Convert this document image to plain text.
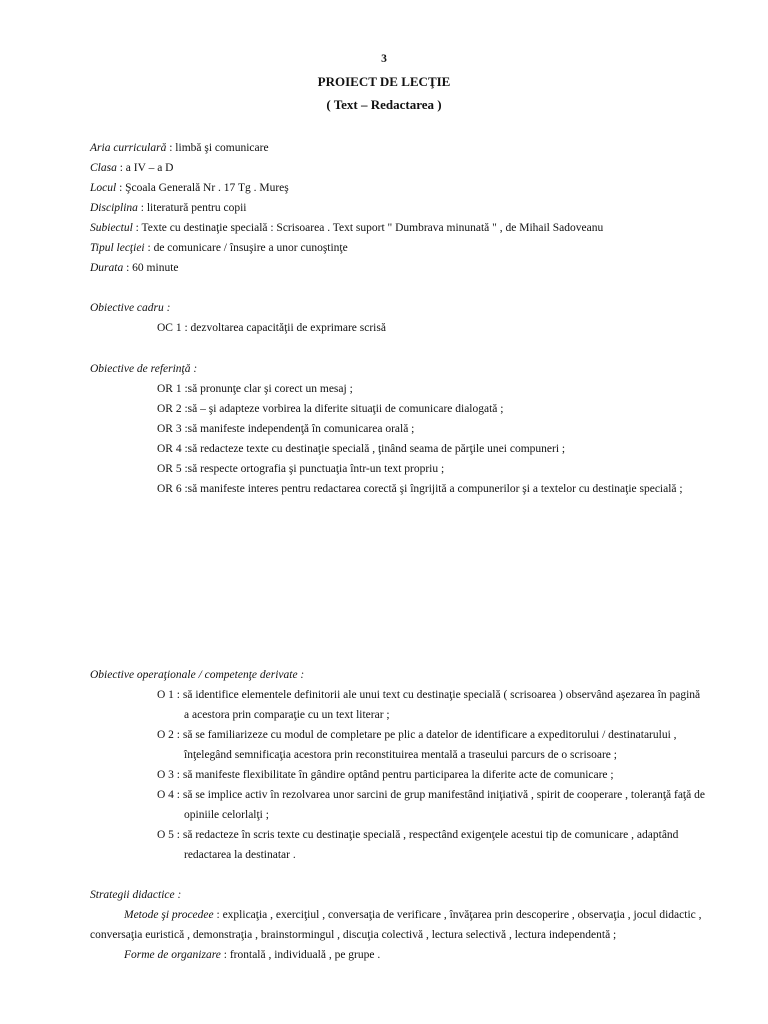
3
PROIECT DE LECŢIE
( Text – Redactarea )
Aria curriculară : limbă şi comunicare
Clasa : a IV – a D
Locul : Şcoala Generală Nr . 17 Tg . Mureş
Disciplina : literatură pentru copii
Subiectul : Texte cu destinaţie specială : Scrisoarea . Text suport " Dumbrava minunată " , de Mihail Sadoveanu
Tipul lecţiei : de comunicare / însuşire a unor cunoştinţe
Durata : 60 minute
Obiective cadru :
OC 1 : dezvoltarea capacităţii de exprimare scrisă
Obiective de referinţă :
OR 1 :să pronunţe clar şi corect un mesaj ;
OR 2 :să – şi adapteze vorbirea la diferite situaţii de comunicare dialogată ;
OR 3 :să manifeste independenţă în comunicarea orală ;
OR 4 :să redacteze texte cu destinaţie specială , ţinând seama de părţile unei compuneri ;
OR 5 :să respecte ortografia şi punctuaţia într-un text propriu ;
OR 6 :să manifeste interes pentru redactarea corectă şi îngrijită a compunerilor şi a textelor cu destinaţie specială ;
Obiective operaţionale / competenţe derivate :
O 1 : să identifice elementele definitorii ale unui text cu destinaţie specială ( scrisoarea ) observând aşezarea în pagină
a acestora prin comparaţie cu un text literar ;
O 2 : să se familiarizeze cu modul de completare pe plic a datelor de identificare a expeditorului / destinatarului ,
înţelegând semnificaţia acestora prin reconstituirea mentală a traseului parcurs de o scrisoare ;
O 3 : să manifeste flexibilitate în gândire optând pentru participarea la diferite acte de comunicare ;
O 4 : să se implice activ în rezolvarea unor sarcini de grup manifestând iniţiativă , spirit de cooperare , toleranţă faţă de
opiniile celorlalţi ;
O 5 : să redacteze în scris texte cu destinaţie specială , respectând exigenţele acestui tip de comunicare , adaptând
redactarea la destinatar .
Strategii didactice :
Metode şi procedee : explicaţia , exerciţiul , conversaţia de verificare , învăţarea prin descoperire , observaţia , jocul didactic ,
conversaţia euristică , demonstraţia , brainstormingul , discuţia colectivă , lectura selectivă , lectura independentă ;
Forme de organizare : frontală , individuală , pe grupe .
